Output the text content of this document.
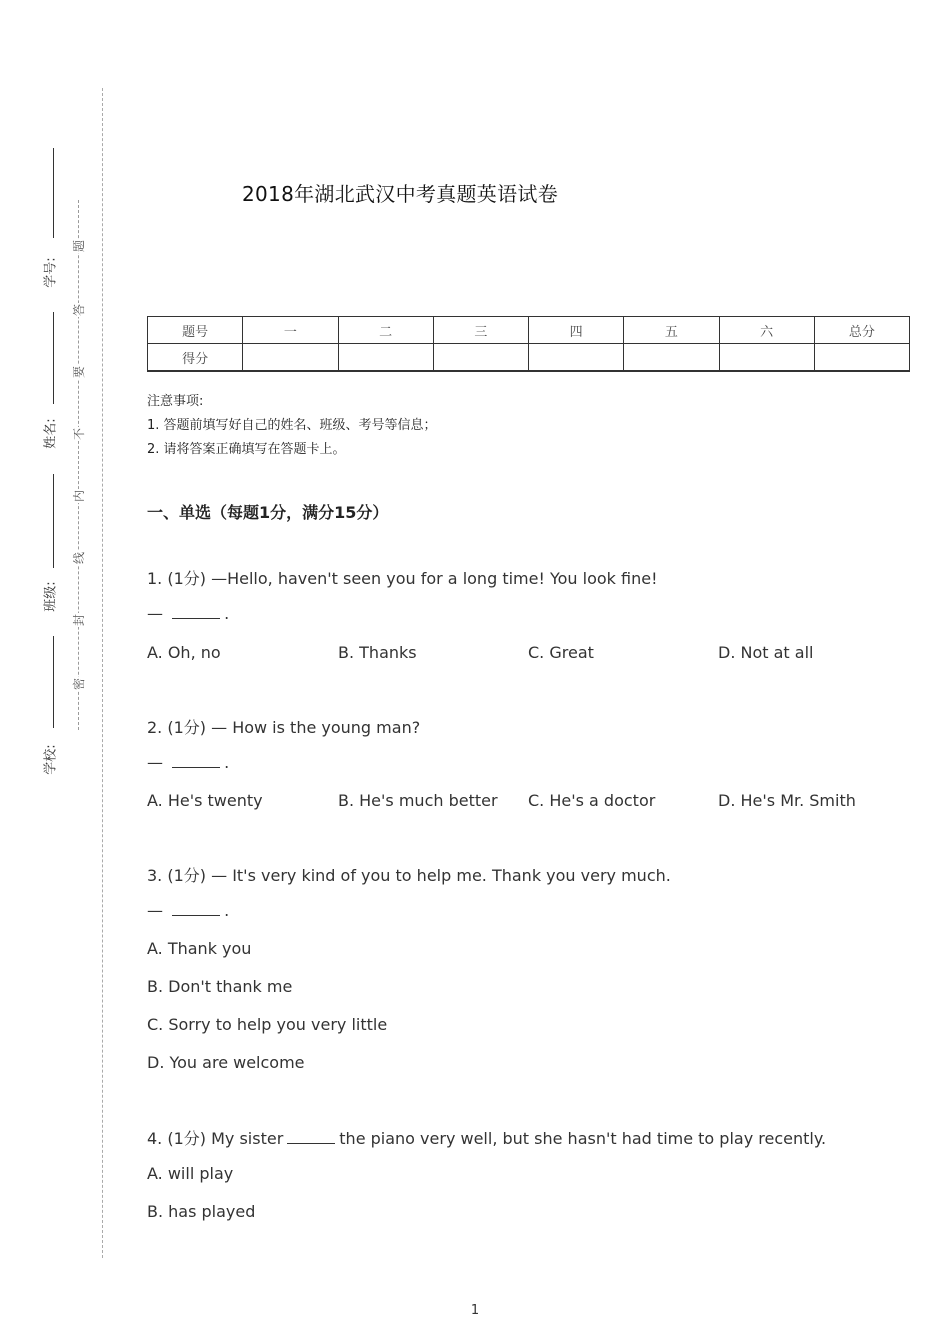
题
答
要
不
内
线
封
密
学号:
姓名:
班级:
学校:
2018年湖北武汉中考真题英语试卷
题号	一	二	三	四	五	六	总分
得分							
注意事项:
1. 答题前填写好自己的姓名、班级、考号等信息；
2. 请将答案正确填写在答题卡上。
一、单选（每题1分，满分15分）
1. (1分) —Hello, haven't seen you for a long time! You look fine!
—	.
A. Oh, no	B. Thanks	C. Great	D. Not at all
2. (1分) — How is the young man?
—	.
A. He's twenty	B. He's much better C. He's a doctor	D. He's Mr. Smith
3. (1分) — It's very kind of you to help me. Thank you very much.
—	.
A. Thank you
B. Don't thank me
C. Sorry to help you very little
D. You are welcome
4. (1分) My sister	the piano very well, but she hasn't had time to play recently.
A. will play
B. has played
1
